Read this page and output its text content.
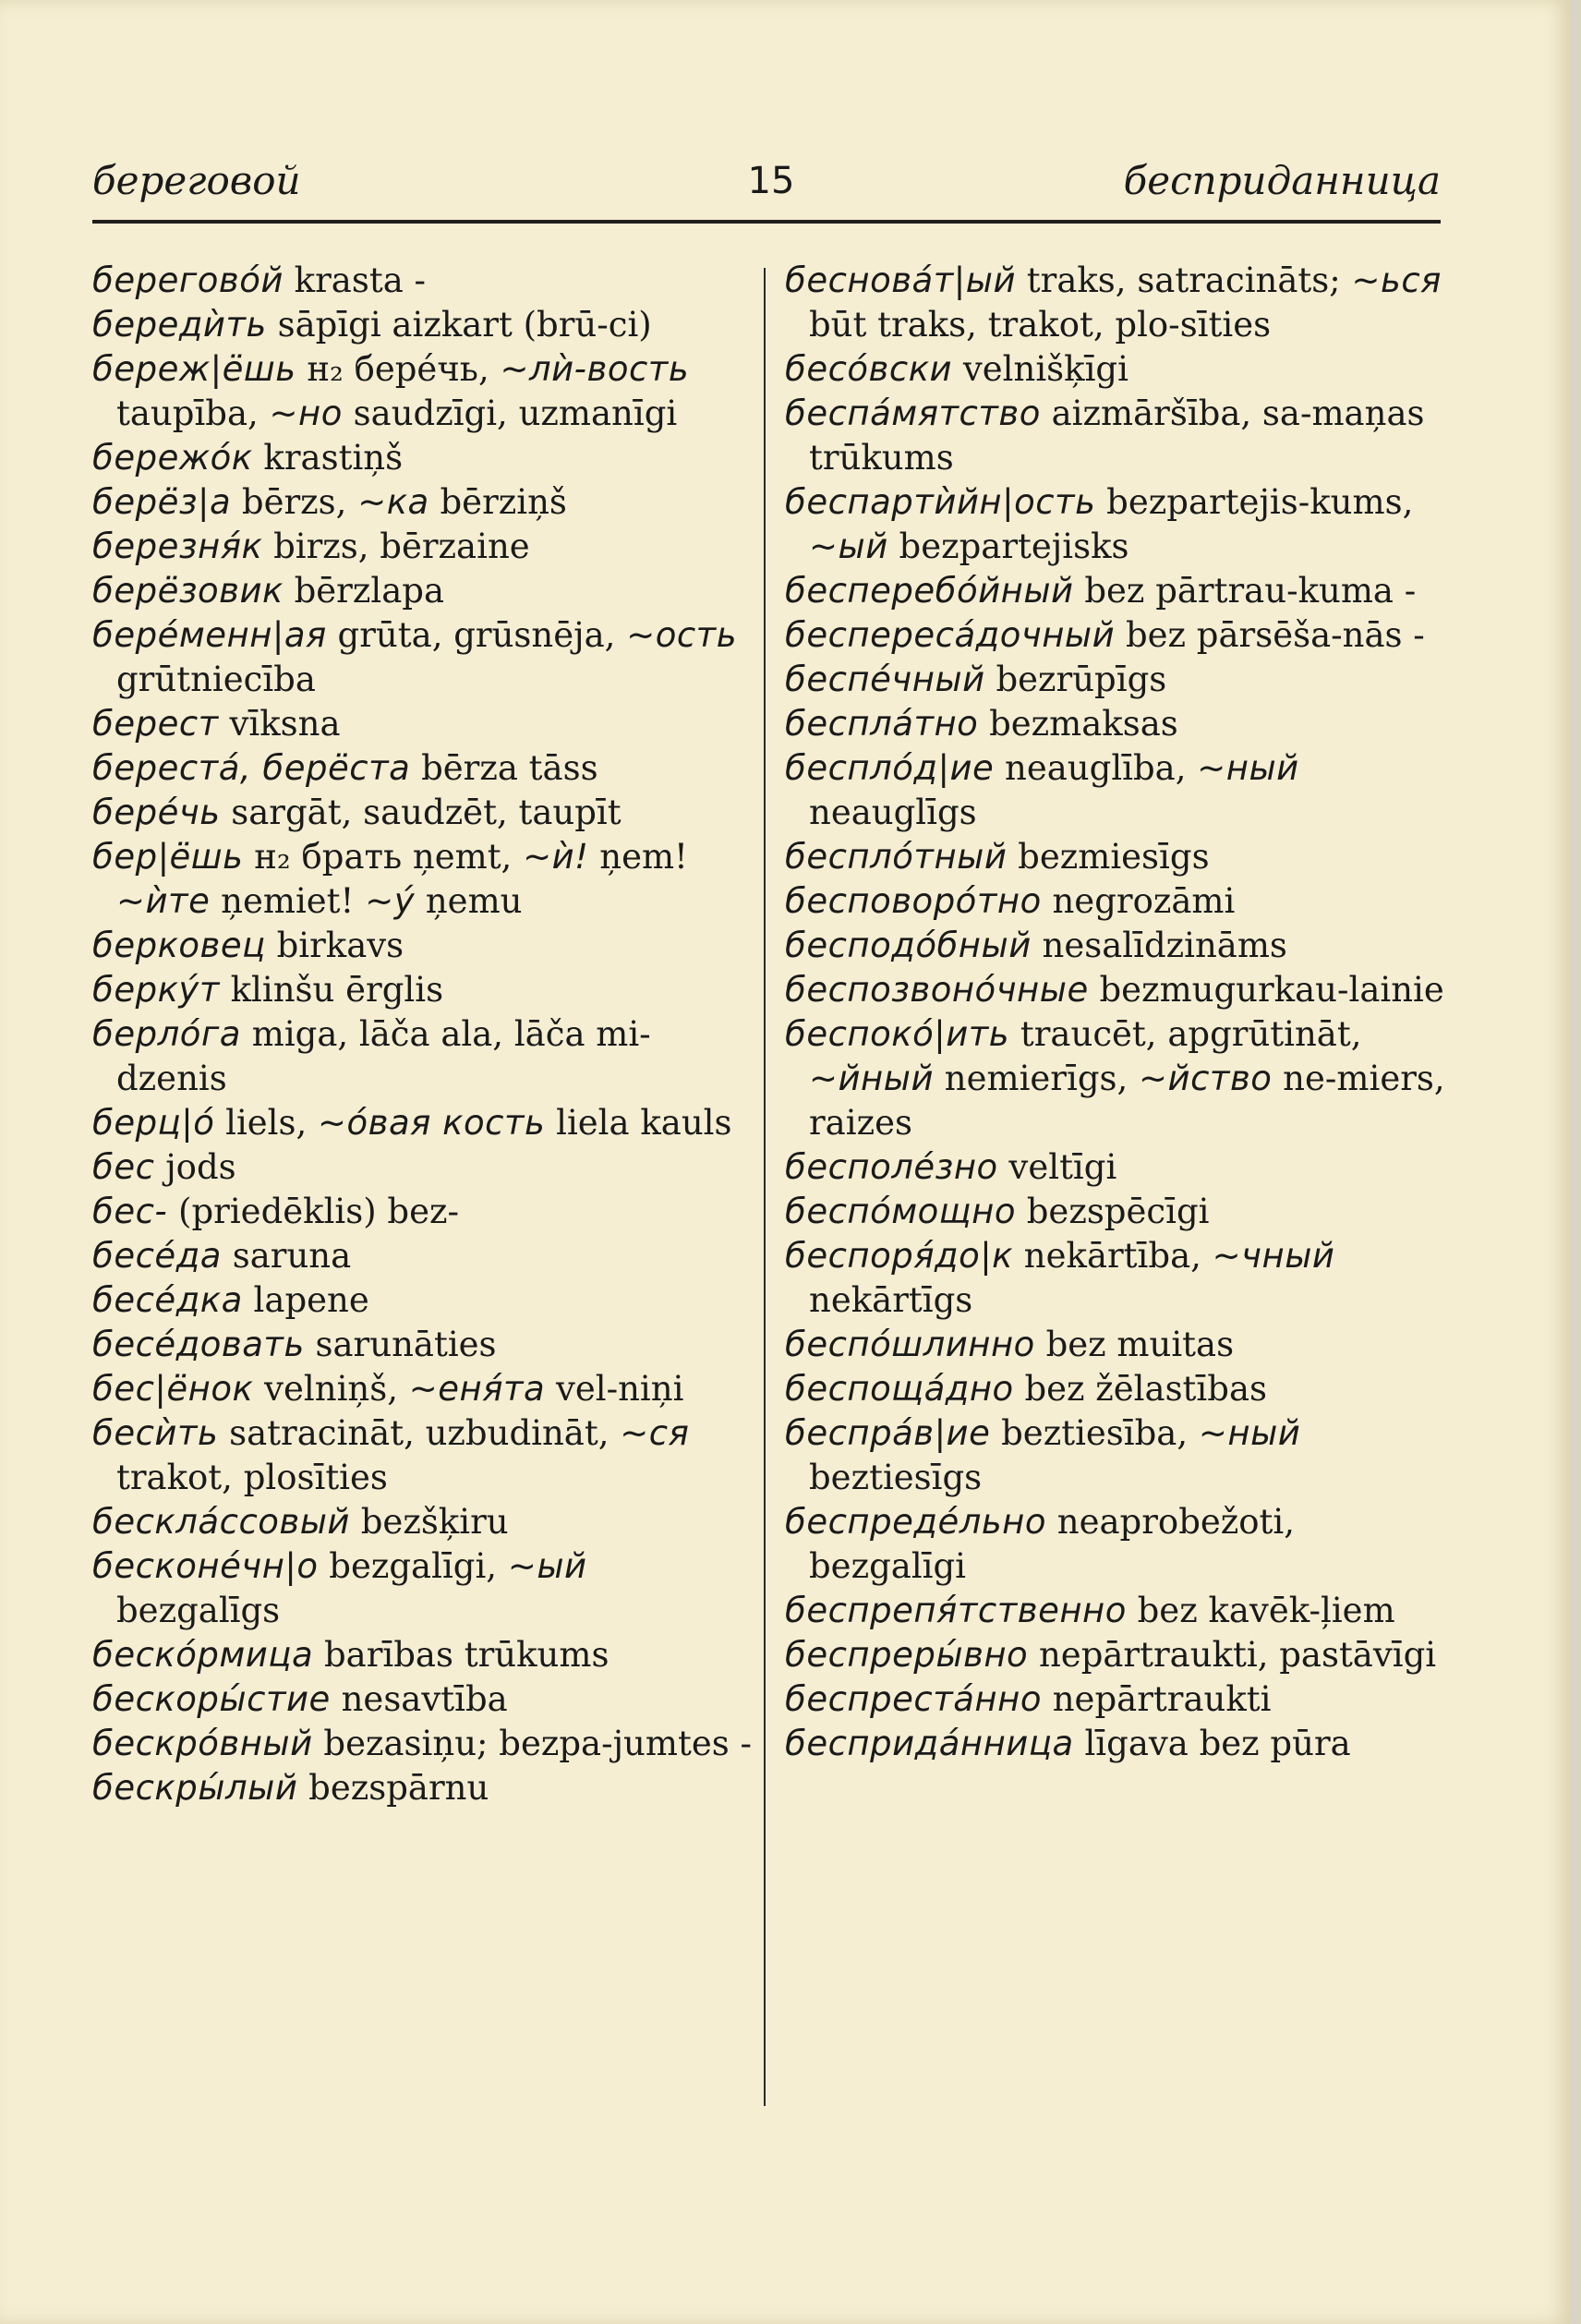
береговой	15	бесприданница

береговóй krasta -

бередѝть sāpīgi aizkart (brū-ci)

береж|ёшь н₂ берéчь, ~лѝ-вость taupība, ~но saudzīgi, uzmanīgi

бережóк krastiņš

берёз|а bērzs, ~ка bērziņš

березня́к birzs, bērzaine

берёзовик bērzlapa

берéменн|ая grūta, grūsnēja, ~ость grūtniecība

берест vīksna

берестá, берёста bērza tāss

берéчь sargāt, saudzēt, taupīt

бер|ёшь н₂ брать ņemt, ~ѝ! ņem! ~ѝте ņemiet! ~ý ņemu

берковец birkavs

беркýт klinšu ērglis

берлóга miga, lāča ala, lāča mi-dzenis

берц|ó liels, ~óвая кость liela kauls

бес jods

бес- (priedēklis) bez-

бесéда saruna

бесéдка lapene

бесéдовать sarunāties

бес|ёнок velniņš, ~еня́та vel-niņi

бесѝть satracināt, uzbudināt, ~ся trakot, plosīties

бесклáссовый bezšķiru

бесконéчн|о bezgalīgi, ~ый bezgalīgs

бескóрмица barības trūkums

бескоры́стие nesavtība

бескрóвный bezasiņu; bezpa-jumtes -

бескры́лый bezspārnu

бесновáт|ый traks, satracināts; ~ься būt traks, trakot, plo-sīties

бесóвски velnišķīgi

беспáмятство aizmāršība, sa-maņas trūkums

беспартѝйн|ость bezpartejis-kums, ~ый bezpartejisks

бесперебóйный bez pārtrau-kuma -

беспересáдочный bez pārsēša-nās -

беспéчный bezrūpīgs

бесплáтно bezmaksas

бесплóд|ие neauglība, ~ный neauglīgs

бесплóтный bezmiesīgs

бесповорóтно negrozāmi

бесподóбный nesalīdzināms

беспозвонóчные bezmugurkau-lainie

беспокó|ить traucēt, apgrūtināt, ~йный nemierīgs, ~йство ne-miers, raizes

бесполéзно veltīgi

беспóмощно bezspēcīgi

беспоря́до|к nekārtība, ~чный nekārtīgs

беспóшлинно bez muitas

беспощáдно bez žēlastības

беспрáв|ие beztiesība, ~ный beztiesīgs

беспредéльно neaprobežoti, bezgalīgi

беспрепя́тственно bez kavēk-ļiem

беспреры́вно nepārtraukti, pastāvīgi

беспрестáнно nepārtraukti

беспридáнница līgava bez pūra
